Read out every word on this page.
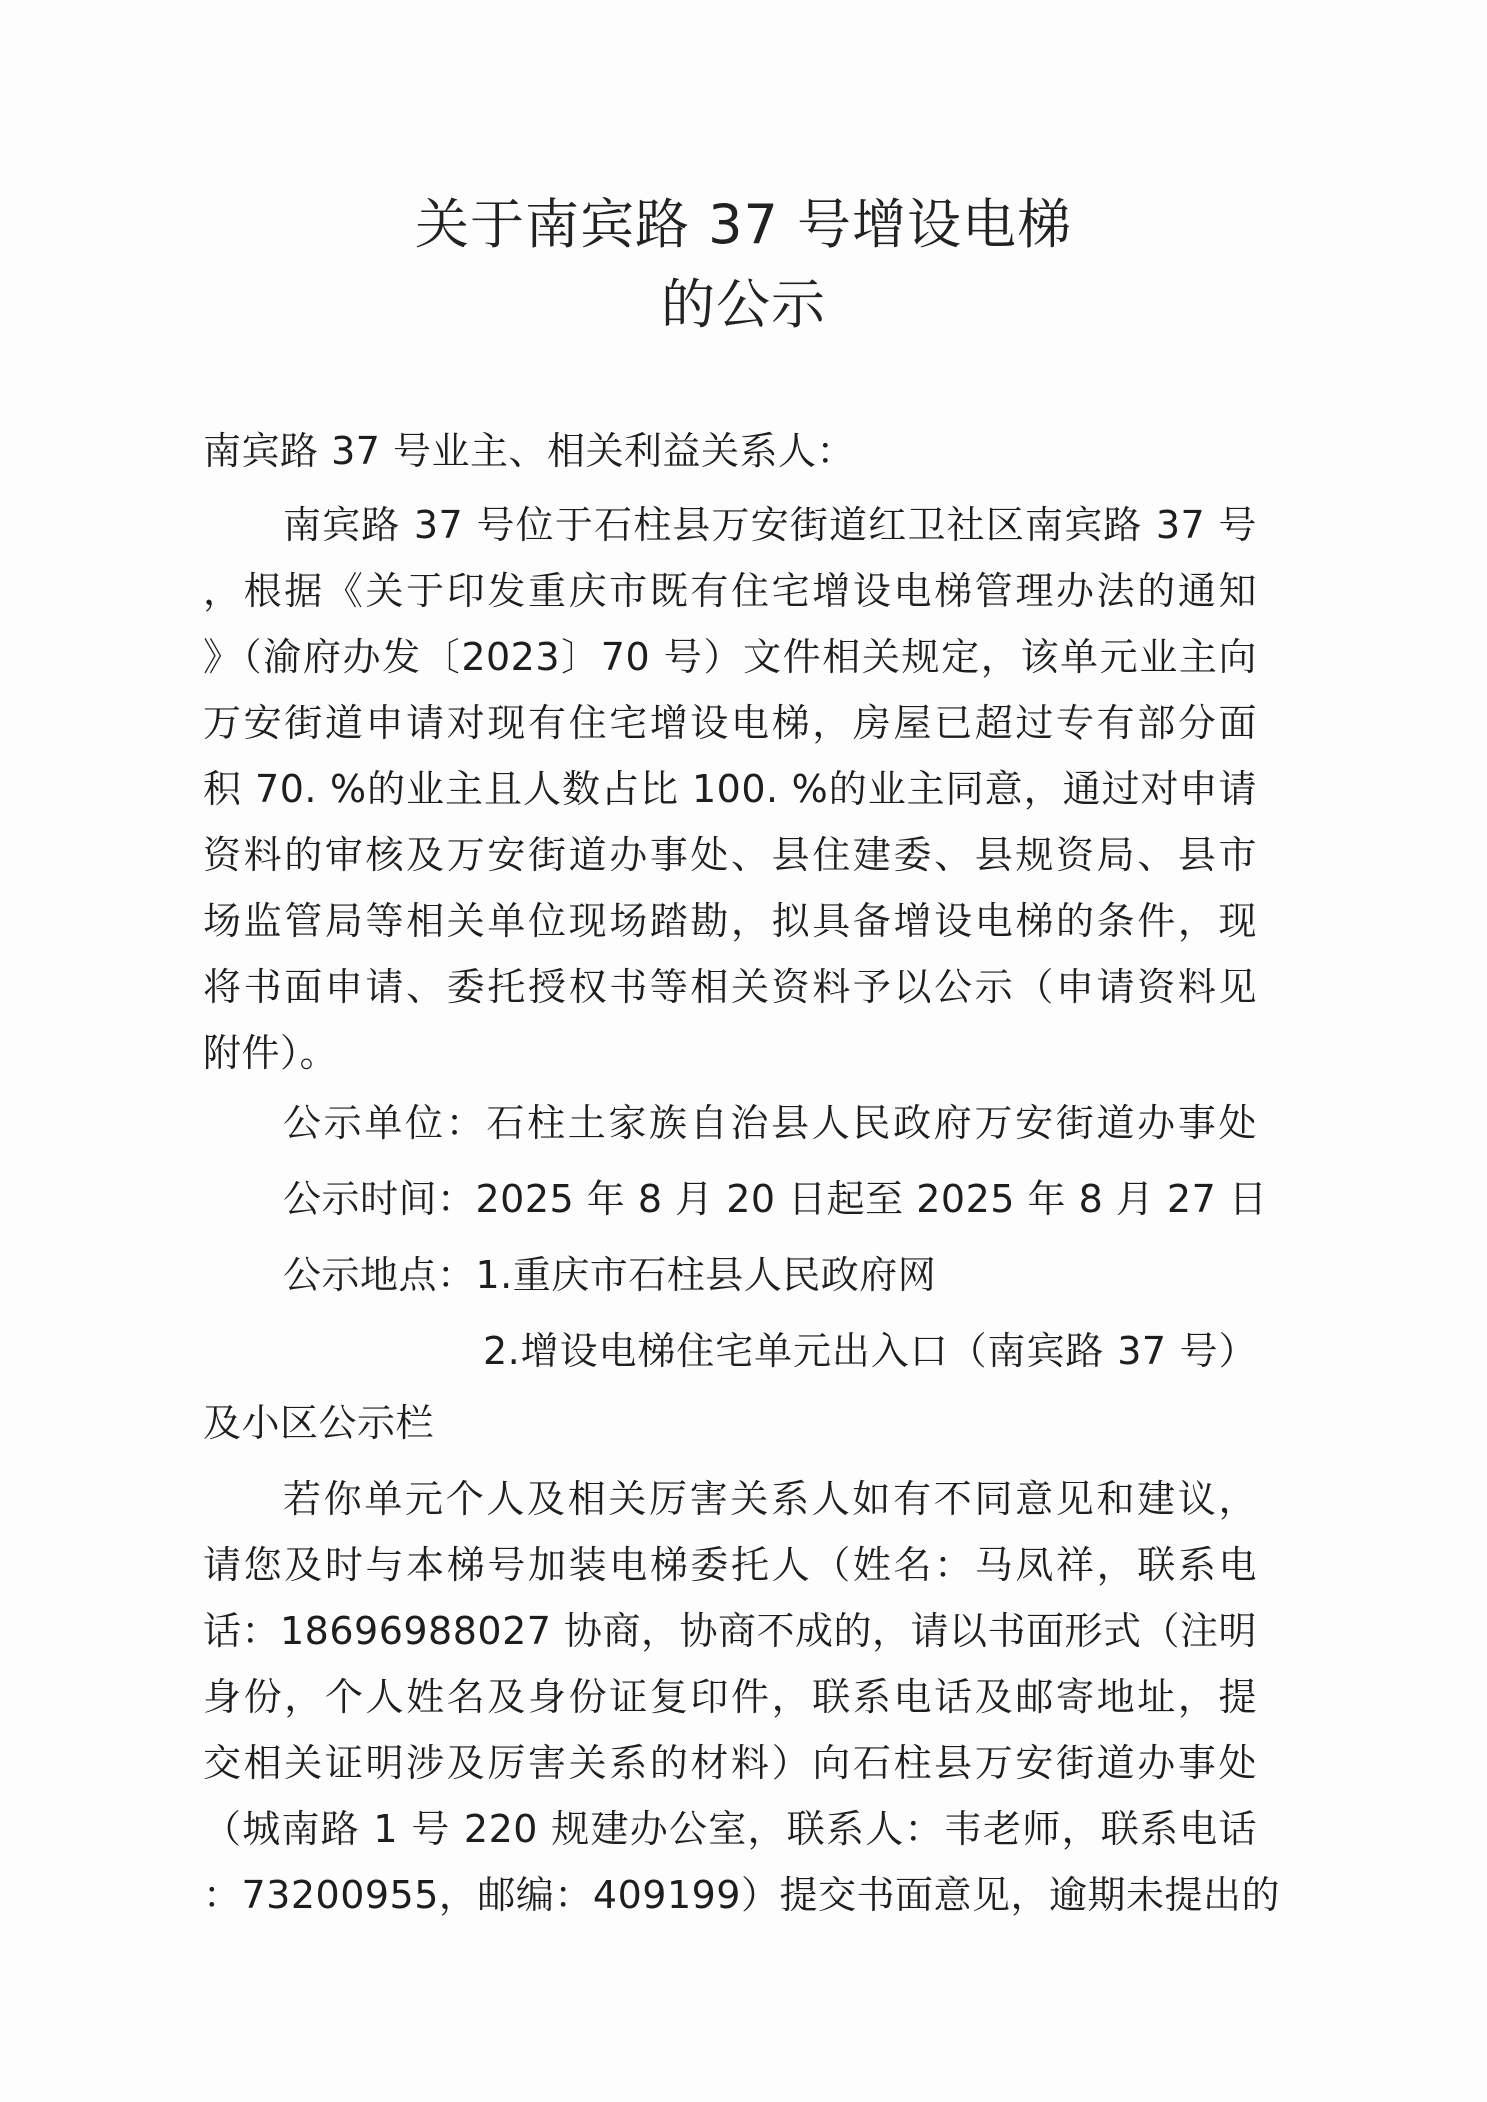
关于南宾路 37 号增设电梯
的公示
南宾路 37 号业主、相关利益关系人：
南宾路 37 号位于石柱县万安街道红卫社区南宾路 37 号
，根据《关于印发重庆市既有住宅增设电梯管理办法的通知
》（渝府办发〔2023〕70 号）文件相关规定，该单元业主向
万安街道申请对现有住宅增设电梯，房屋已超过专有部分面
积 70. %的业主且人数占比 100. %的业主同意，通过对申请
资料的审核及万安街道办事处、县住建委、县规资局、县市
场监管局等相关单位现场踏勘，拟具备增设电梯的条件，现
将书面申请、委托授权书等相关资料予以公示（申请资料见
附件）。
公示单位：石柱土家族自治县人民政府万安街道办事处
公示时间：2025 年 8 月 20 日起至 2025 年 8 月 27 日
公示地点：1.重庆市石柱县人民政府网
2.增设电梯住宅单元出入口（南宾路 37 号）
及小区公示栏
若你单元个人及相关厉害关系人如有不同意见和建议，
请您及时与本梯号加装电梯委托人（姓名：马凤祥，联系电
话：18696988027 协商，协商不成的，请以书面形式（注明
身份，个人姓名及身份证复印件，联系电话及邮寄地址，提
交相关证明涉及厉害关系的材料）向石柱县万安街道办事处
（城南路 1 号 220 规建办公室，联系人：韦老师，联系电话
：73200955，邮编：409199）提交书面意见，逾期未提出的
